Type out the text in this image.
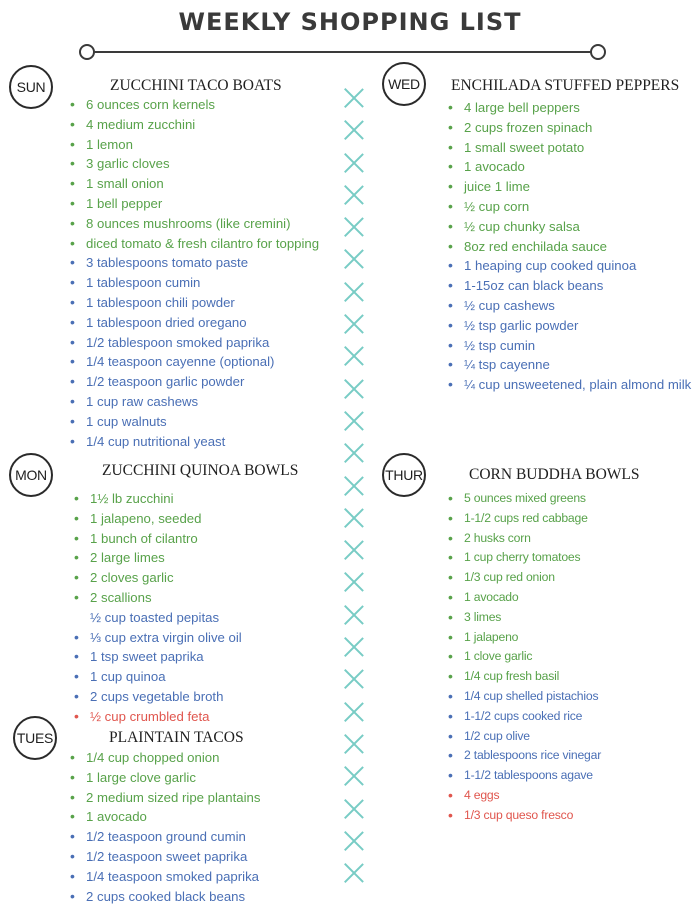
WEEKLY SHOPPING LIST
SUN	ZUCCHINI TACO BOATS
• 6 ounces corn kernels
• 4 medium zucchini
• 1 lemon
• 3 garlic cloves
• 1 small onion
• 1 bell pepper
• 8 ounces mushrooms (like cremini)
• diced tomato & fresh cilantro for topping
• 3 tablespoons tomato paste
• 1 tablespoon cumin
• 1 tablespoon chili powder
• 1 tablespoon dried oregano
• 1/2 tablespoon smoked paprika
• 1/4 teaspoon cayenne (optional)
• 1/2 teaspoon garlic powder
• 1 cup raw cashews
• 1 cup walnuts
• 1/4 cup nutritional yeast
MON	ZUCCHINI QUINOA BOWLS
• 1½ lb zucchini
• 1 jalapeno, seeded
• 1 bunch of cilantro
• 2 large limes
• 2 cloves garlic
• 2 scallions
½ cup toasted pepitas
• ⅓ cup extra virgin olive oil
• 1 tsp sweet paprika
• 1 cup quinoa
• 2 cups vegetable broth
• ½ cup crumbled feta
TUES	PLAINTAIN TACOS
• 1/4 cup chopped onion
• 1 large clove garlic
• 2 medium sized ripe plantains
• 1 avocado
• 1/2 teaspoon ground cumin
• 1/2 teaspoon sweet paprika
• 1/4 teaspoon smoked paprika
• 2 cups cooked black beans
WED	ENCHILADA STUFFED PEPPERS
• 4 large bell peppers
• 2 cups frozen spinach
• 1 small sweet potato
• 1 avocado
• juice 1 lime
• ½ cup corn
• ½ cup chunky salsa
• 8oz red enchilada sauce
• 1 heaping cup cooked quinoa
• 1-15oz can black beans
• ½ cup cashews
• ½ tsp garlic powder
• ½ tsp cumin
• ¼ tsp cayenne
• ¼ cup unsweetened, plain almond milk
THUR	CORN BUDDHA BOWLS
• 5 ounces mixed greens
• 1-1/2 cups red cabbage
• 2 husks corn
• 1 cup cherry tomatoes
• 1/3 cup red onion
• 1 avocado
• 3 limes
• 1 jalapeno
• 1 clove garlic
• 1/4 cup fresh basil
• 1/4 cup shelled pistachios
• 1-1/2 cups cooked rice
• 1/2 cup olive
• 2 tablespoons rice vinegar
• 1-1/2 tablespoons agave
• 4 eggs
• 1/3 cup queso fresco
